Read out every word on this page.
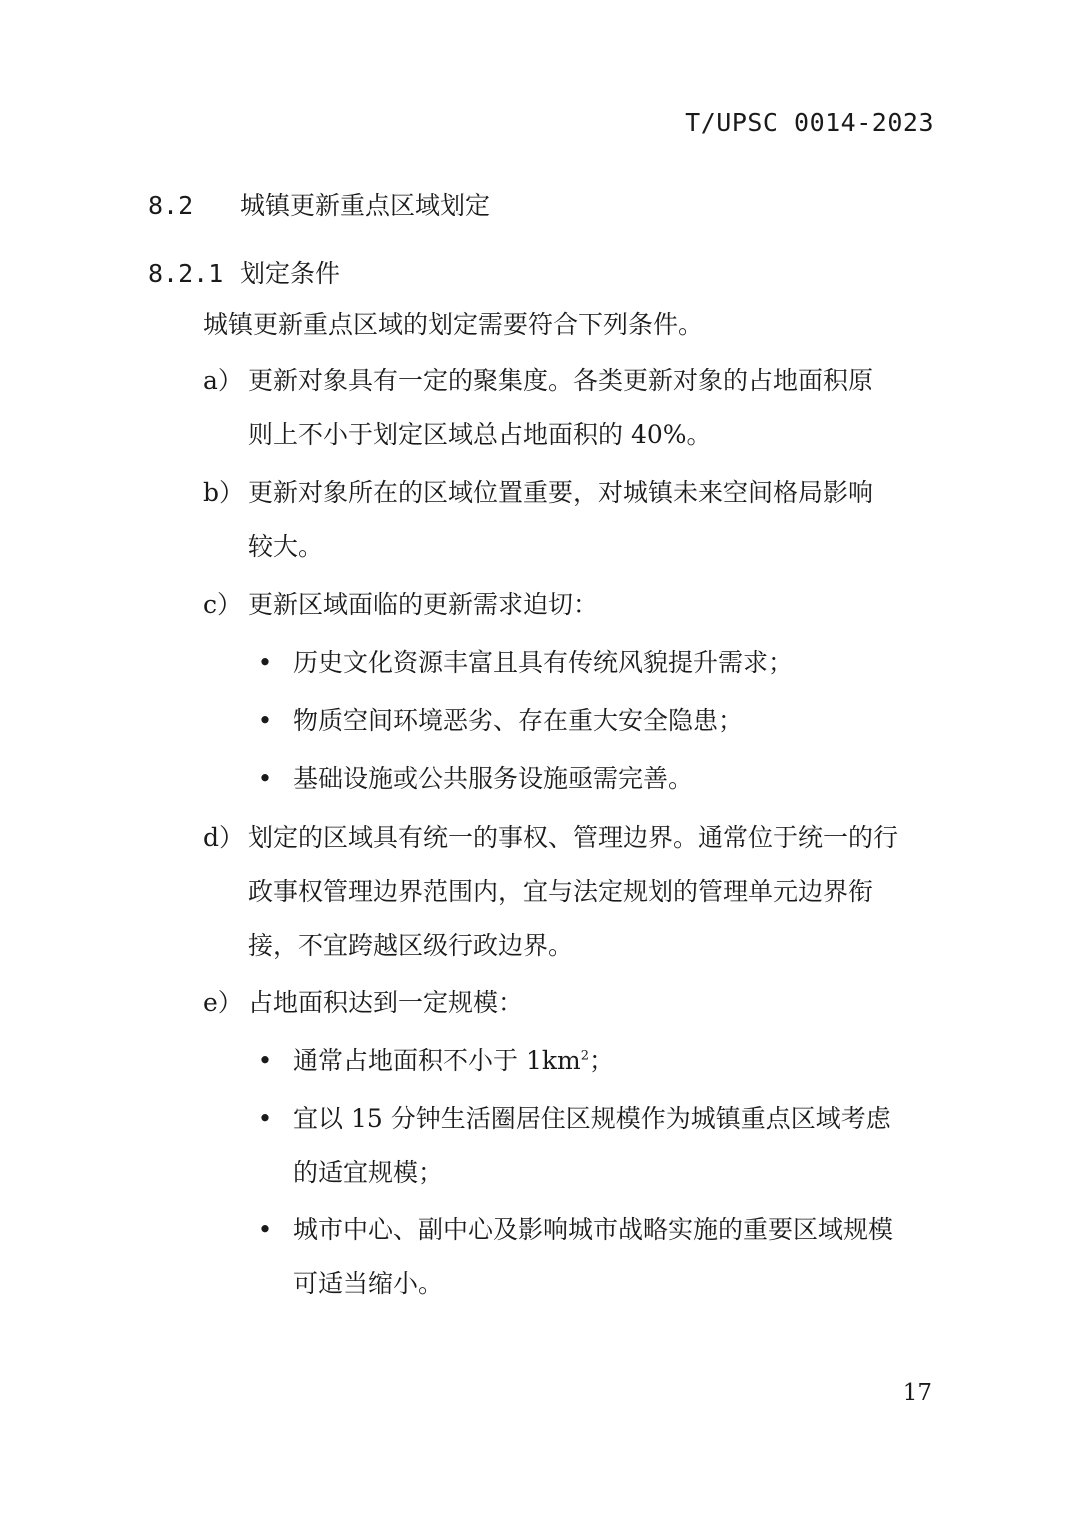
T/UPSC 0014-2023
8.2 城镇更新重点区域划定
8.2.1 划定条件
城镇更新重点区域的划定需要符合下列条件。
a） 更新对象具有一定的聚集度。各类更新对象的占地面积原
则上不小于划定区域总占地面积的 40%。
b） 更新对象所在的区域位置重要，对城镇未来空间格局影响
较大。
c） 更新区域面临的更新需求迫切：
• 历史文化资源丰富且具有传统风貌提升需求；
• 物质空间环境恶劣、存在重大安全隐患；
• 基础设施或公共服务设施亟需完善。
d） 划定的区域具有统一的事权、管理边界。通常位于统一的行
政事权管理边界范围内，宜与法定规划的管理单元边界衔
接，不宜跨越区级行政边界。
e） 占地面积达到一定规模：
• 通常占地面积不小于 $1km^2$；
• 宜以 15 分钟生活圈居住区规模作为城镇重点区域考虑
的适宜规模；
• 城市中心、副中心及影响城市战略实施的重要区域规模
可适当缩小。
17
